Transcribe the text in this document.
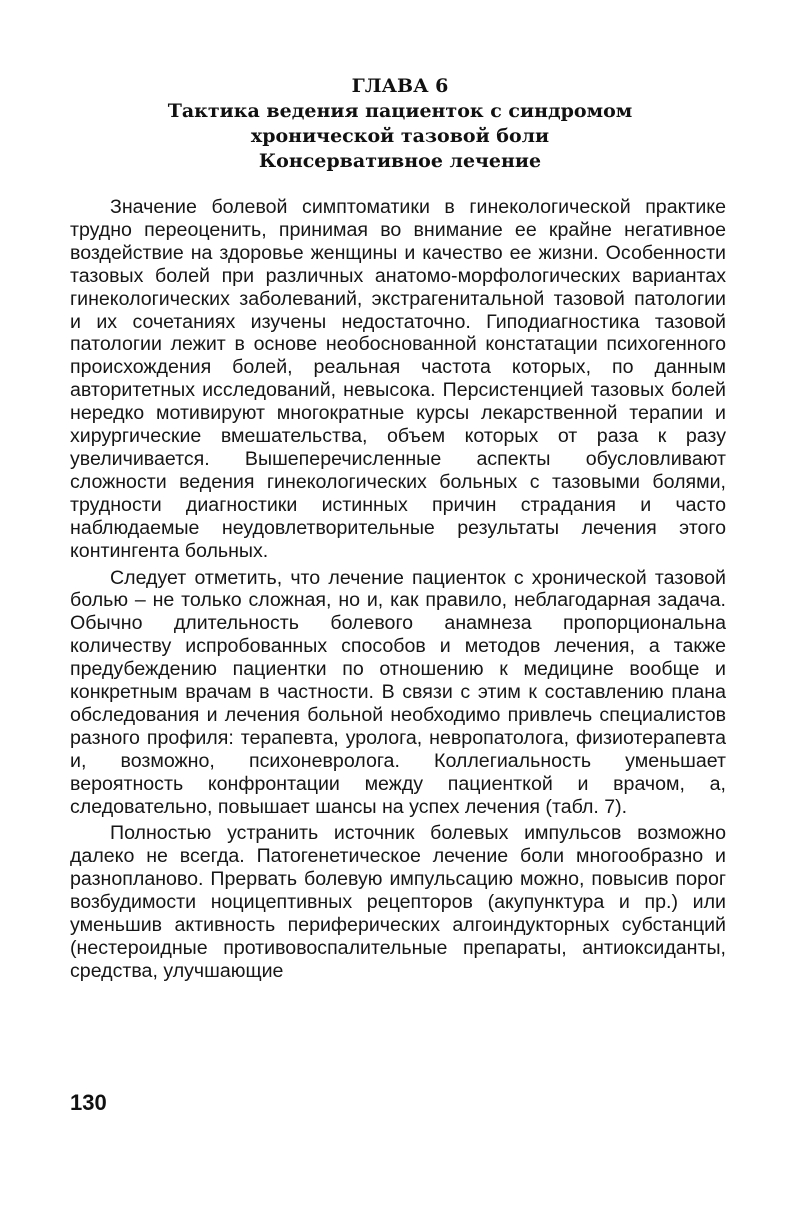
ГЛАВА 6
Тактика ведения пациенток с синдромом
хронической тазовой боли
Консервативное лечение

Значение болевой симптоматики в гинекологической практике трудно переоценить, принимая во внимание ее крайне негативное воздействие на здоровье женщины и качество ее жизни. Особенности тазовых болей при различных анатомо-морфологических вариантах гинекологических заболеваний, экстрагенитальной тазовой патологии и их сочетаниях изучены недостаточно. Гиподиагностика тазовой патологии лежит в основе необоснованной констатации психогенного происхождения болей, реальная частота которых, по данным авторитетных исследований, невысока. Персистенцией тазовых болей нередко мотивируют многократные курсы лекарственной терапии и хирургические вмешательства, объем которых от раза к разу увеличивается. Вышеперечисленные аспекты обусловливают сложности ведения гинекологических больных с тазовыми болями, трудности диагностики истинных причин страдания и часто наблюдаемые неудовлетворительные результаты лечения этого контингента больных.

Следует отметить, что лечение пациенток с хронической тазовой болью – не только сложная, но и, как правило, неблагодарная задача. Обычно длительность болевого анамнеза пропорциональна количеству испробованных способов и методов лечения, а также предубеждению пациентки по отношению к медицине вообще и конкретным врачам в частности. В связи с этим к составлению плана обследования и лечения больной необходимо привлечь специалистов разного профиля: терапевта, уролога, невропатолога, физиотерапевта и, возможно, психоневролога. Коллегиальность уменьшает вероятность конфронтации между пациенткой и врачом, а, следовательно, повышает шансы на успех лечения (табл. 7).

Полностью устранить источник болевых импульсов возможно далеко не всегда. Патогенетическое лечение боли многообразно и разнопланово. Прервать болевую импульсацию можно, повысив порог возбудимости ноцицептивных рецепторов (акупунктура и пр.) или уменьшив активность периферических алгоиндукторных субстанций (нестероидные противовоспалительные препараты, антиоксиданты, средства, улучшающие

130
